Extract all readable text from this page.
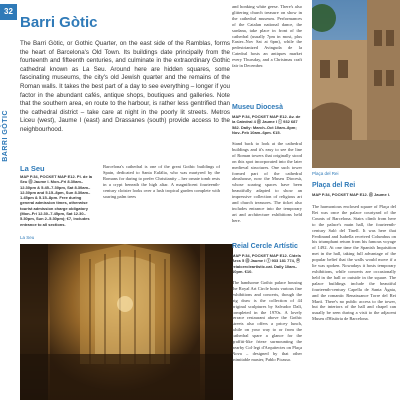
32
BARRI GÒTIC
Barri Gòtic

The Barri Gòtic, or Gothic Quarter, on the east side of the Ramblas, forms the heart of Barcelona's Old Town. Its buildings date principally from the fourteenth and fifteenth centuries, and culminate in the extraordinary Gothic cathedral known as La Seu. Around here are hidden squares, some fascinating museums, the city's old Jewish quarter and the remains of the Roman walls. It takes the best part of a day to see everything – longer if you factor in the abundant cafés, antique shops, boutiques and galleries. Note that the southern area, en route to the harbour, is rather less gentrified than the cathedral district – take care at night in the poorly lit streets. Metros Liceu (west), Jaume I (east) and Drassanes (south) provide access to the neighbourhood.

La Seu

MAP P.34, POCKET MAP E12. Pl. de la Seu ⓜ Jaume I. Mon–Fri 8.30am–12.30pm & 5.45–7.30pm, Sat 8.30am–12.30pm and 5.15–8pm, Sun 8.30am–1.45pm & 5.15–8pm. Free during general admission times, otherwise tourist admission charge obligatory (Mon–Fri 12.30–7.45pm, Sat 12.30–5.30pm, Sun 2–5.30pm); €7, includes entrance to all sections.

Barcelona's cathedral is one of the great Gothic buildings of Spain, dedicated to Santa Eulàlia, who was martyred by the Romans for daring to prefer Christianity – her ornate tomb rests in a crypt beneath the high altar. A magnificent fourteenth-century cloister looks over a lush tropical garden complete with soaring palm trees

La Seu

and honking white geese. There's also glittering church treasure on show in the cathedral museum. Performances of the Catalan national dance, the sardana, take place in front of the cathedral (usually 7pm in most, plus Easter–Nov Sat at 6pm), while the pedestrianized Avinguda de la Catedral hosts an antiques market every Thursday, and a Christmas craft fair in December.

Museu Diocesà

MAP P.34, POCKET MAP E12. Av. de la Catedral 4 ⓜ Jaume I ⓣ 932 687 582. Daily: March–Oct 10am–8pm; Nov–Feb 10am–6pm. €15.

Stand back to look at the cathedral buildings and it's easy to see the line of Roman towers that originally stood on this spot incorporated into the later medieval structures. One such tower formed part of the cathedral almshouse, now the Museu Diocesà, whose soaring spaces have been beautifully adapted to show an impressive collection of religious art and church treasures. The ticket also includes entrance into the temporary art and architecture exhibitions held here.

Reial Cercle Artístic

MAP P.34, POCKET MAP E12. C/dels Arcs 5 ⓜ Jaume I ⓣ 933 181 774, ⓦ reialcercleartistic.cat. Daily 10am–10pm. €10.

The handsome Gothic palace housing the Royal Art Circle hosts various fine exhibitions and concerts, though the big draw is the collection of 44 original sculptures by Salvador Dalí, completed in the 1970s. A lovely terrace restaurant above the Gothic streets also offers a pricey lunch, while on your way to or from the cathedral spare a glance for the graffiti-like frieze surmounting the nearby Col·legi d'Arquitectes on Plaça Nova – designed by that other inimitable master, Pablo Picasso.

Plaça del Rei
Plaça del Rei

MAP P.34, POCKET MAP E12. ⓜ Jaume I.

The harmonious enclosed square of Plaça del Rei was once the palace courtyard of the Counts of Barcelona. Stairs climb from here to the palace's main hall, the fourteenth-century Saló del Tinell. It was here that Ferdinand and Isabella received Columbus on his triumphant return from his famous voyage of 1492. At one time the Spanish Inquisition met in the hall, taking full advantage of the popular belief that the walls would move if a lie was spoken. Nowadays it hosts temporary exhibitions, while concerts are occasionally held in the hall or outside in the square. The palace buildings include the beautiful fourteenth-century Capella de Santa Àgata, and the romantic Renaissance Torre del Rei Martí. There's no public access to the tower, but the interiors of the hall and chapel can usually be seen during a visit to the adjacent Museu d'Història de Barcelona.
